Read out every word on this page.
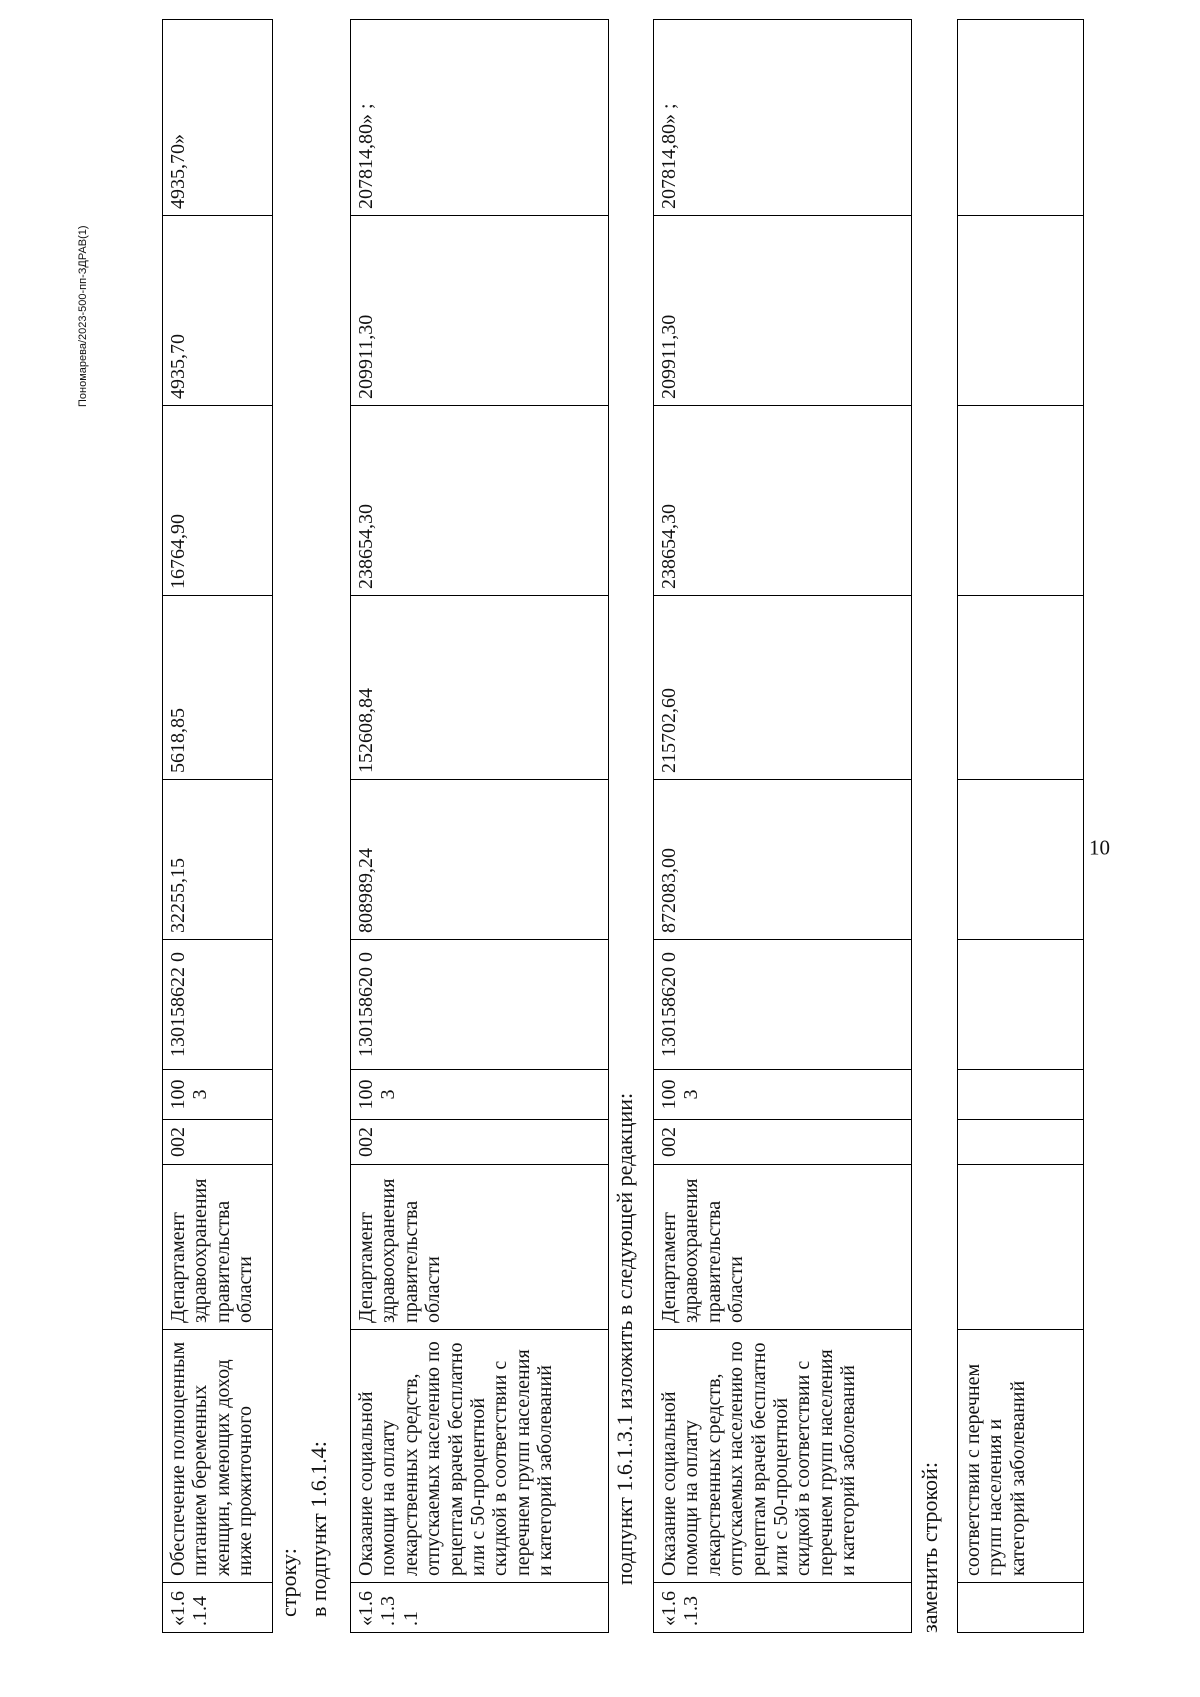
10
	соответствии с перечнем групп населения и категорий заболеваний									
заменить строкой:
«1.6.1.3	Оказание социальной помощи на оплату лекарственных средств, отпускаемых населению по рецептам врачей бесплатно или с 50-процентной скидкой в соответствии с перечнем групп населения и категорий заболеваний	Департамент здравоохранения правительства области	002	1003	130158620 0	872083,00	215702,60	238654,30	209911,30	207814,80» ;
подпункт 1.6.1.3.1 изложить в следующей редакции:
«1.6.1.3 .1	Оказание социальной помощи на оплату лекарственных средств, отпускаемых населению по рецептам врачей бесплатно или с 50-процентной скидкой в соответствии с перечнем групп населения и категорий заболеваний	Департамент здравоохранения правительства области	002	1003	130158620 0	808989,24	152608,84	238654,30	209911,30	207814,80» ;
в подпункт 1.6.1.4:
строку:
«1.6.1.4	Обеспечение полноценным питанием беременных женщин, имеющих доход ниже прожиточного	Департамент здравоохранения правительства области	002	1003	130158622 0	32255,15	5618,85	16764,90	4935,70	4935,70»
Пономарева/2023-500-пп-ЗДРАВ(1)
